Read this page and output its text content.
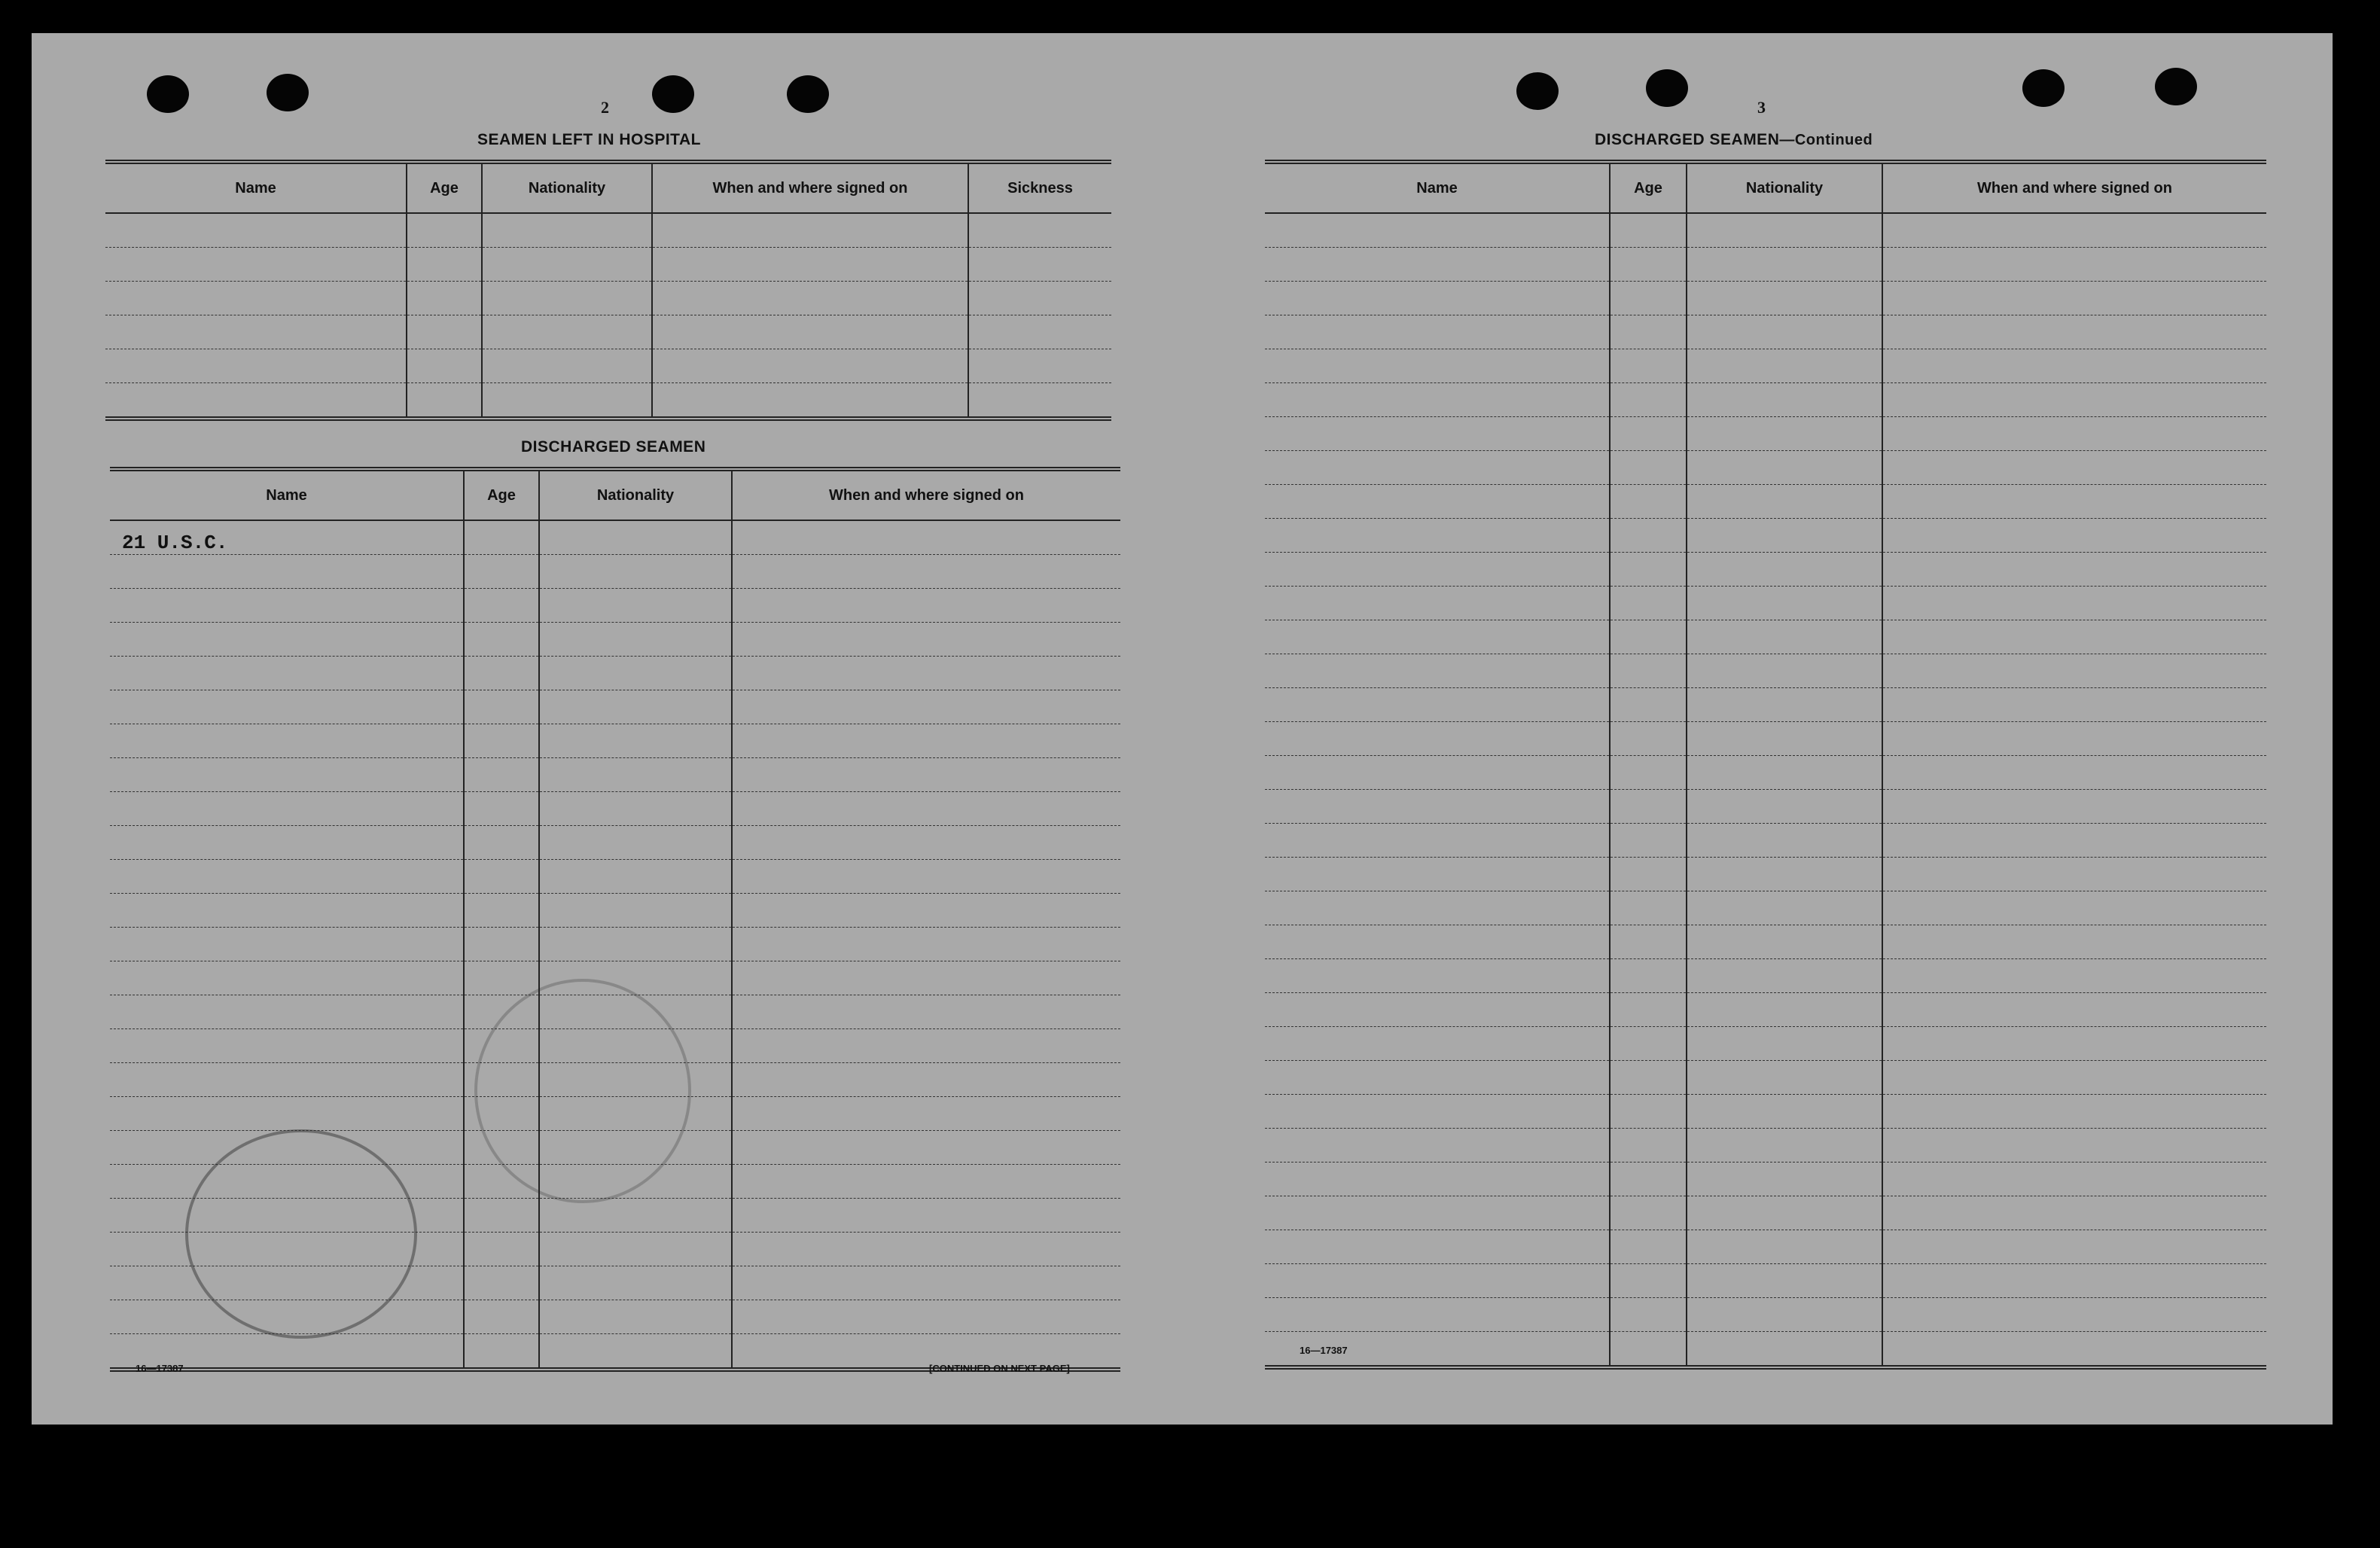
2
SEAMEN LEFT IN HOSPITAL
Name	Age	Nationality	When and where signed on	Sickness

DISCHARGED SEAMEN
Name	Age	Nationality	When and where signed on
21 U.S.C.			

16—17387	[CONTINUED ON NEXT PAGE]
3
DISCHARGED SEAMEN—Continued
Name	Age	Nationality	When and where signed on

16—17387
